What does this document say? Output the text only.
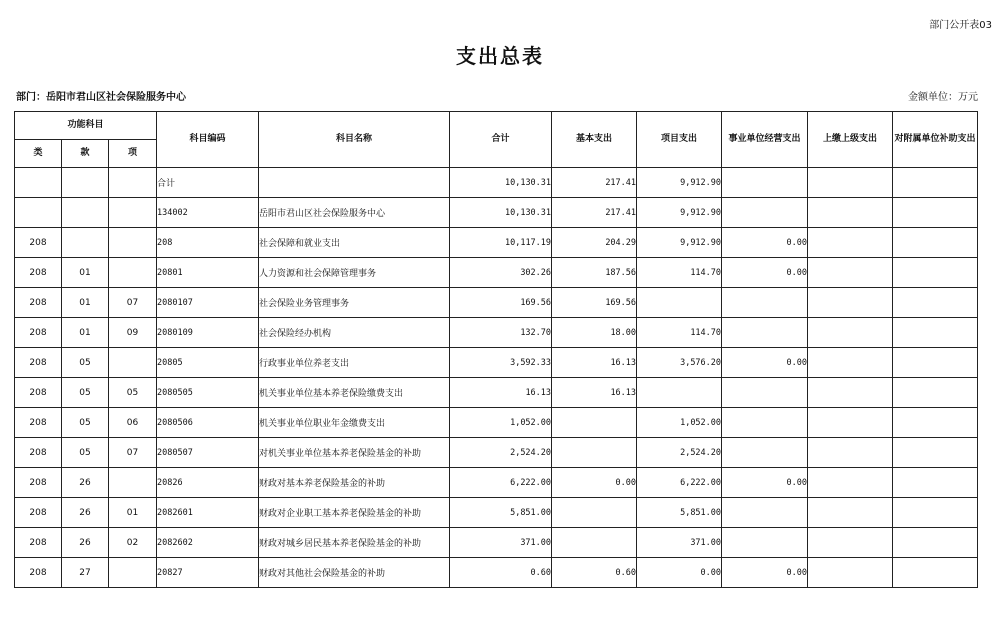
部门公开表03
支出总表
部门：岳阳市君山区社会保险服务中心	金额单位：万元
功能科目			科目编码	科目名称	合计	基本支出	项目支出	事业单位经营支出	上缴上级支出	对附属单位补助支出
类	款	项								
			合计		10,130.31	217.41	9,912.90			
			134002	岳阳市君山区社会保险服务中心	10,130.31	217.41	9,912.90			
208			208	社会保障和就业支出	10,117.19	204.29	9,912.90	0.00		
208	01		20801	人力资源和社会保障管理事务	302.26	187.56	114.70	0.00		
208	01	07	2080107	社会保险业务管理事务	169.56	169.56				
208	01	09	2080109	社会保险经办机构	132.70	18.00	114.70			
208	05		20805	行政事业单位养老支出	3,592.33	16.13	3,576.20	0.00		
208	05	05	2080505	机关事业单位基本养老保险缴费支出	16.13	16.13				
208	05	06	2080506	机关事业单位职业年金缴费支出	1,052.00		1,052.00			
208	05	07	2080507	对机关事业单位基本养老保险基金的补助	2,524.20		2,524.20			
208	26		20826	财政对基本养老保险基金的补助	6,222.00	0.00	6,222.00	0.00		
208	26	01	2082601	财政对企业职工基本养老保险基金的补助	5,851.00		5,851.00			
208	26	02	2082602	财政对城乡居民基本养老保险基金的补助	371.00		371.00			
208	27		20827	财政对其他社会保险基金的补助	0.60	0.60	0.00	0.00		
